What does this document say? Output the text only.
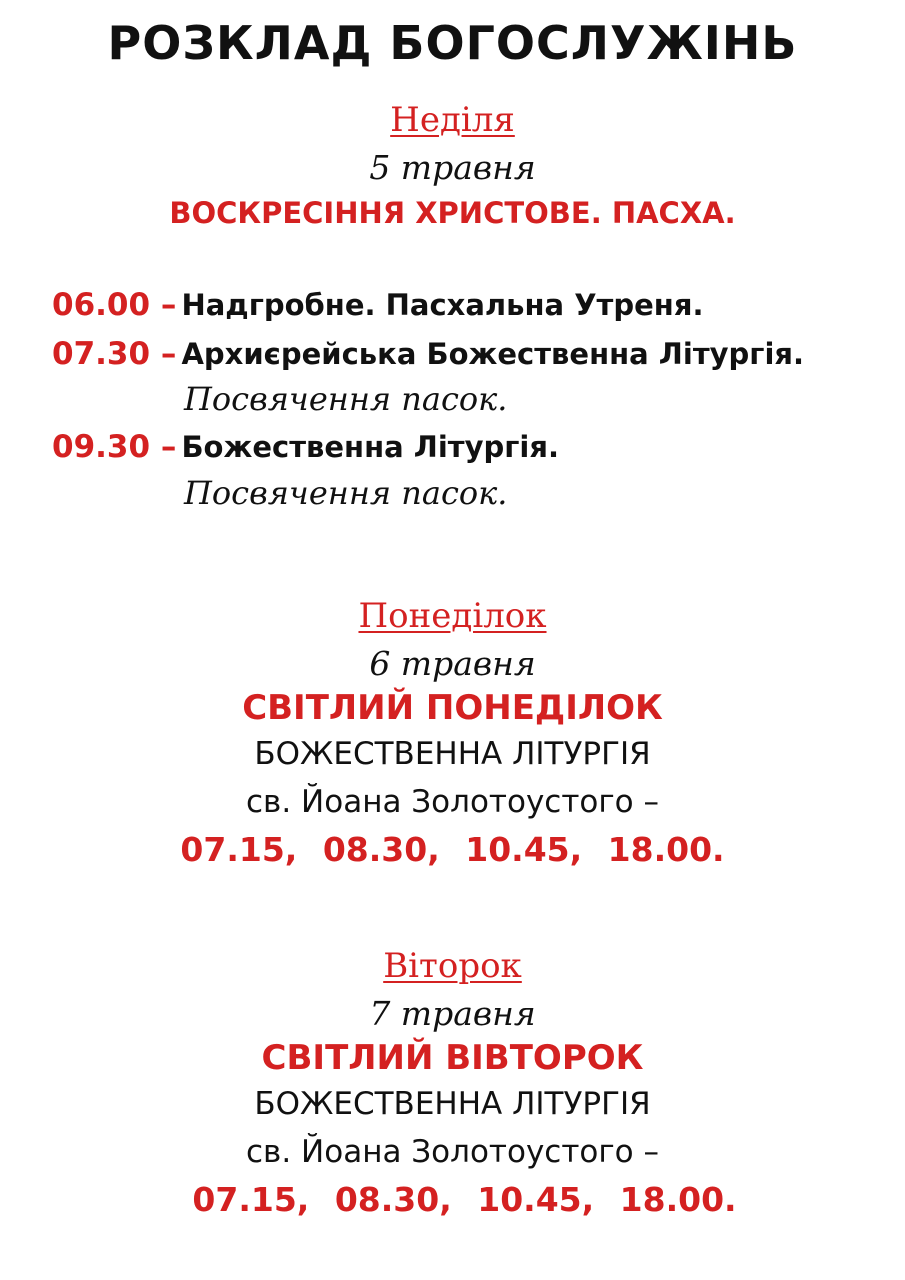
РОЗКЛАД БОГОСЛУЖІНЬ
Неділя
5 травня
ВОСКРЕСІННЯ ХРИСТОВЕ. ПАСХА.
06.00 – Надгробне. Пасхальна Утреня.
07.30 – Архиєрейська Божественна Літургія.
Посвячення пасок.
09.30 – Божественна Літургія.
Посвячення пасок.
Понеділок
6 травня
СВІТЛИЙ ПОНЕДІЛОК
БОЖЕСТВЕННА ЛІТУРГІЯ
св. Йоана Золотоустого –
07.15, 08.30, 10.45, 18.00.
Віторок
7 травня
СВІТЛИЙ ВІВТОРОК
БОЖЕСТВЕННА ЛІТУРГІЯ
св. Йоана Золотоустого –
07.15, 08.30, 10.45, 18.00.
